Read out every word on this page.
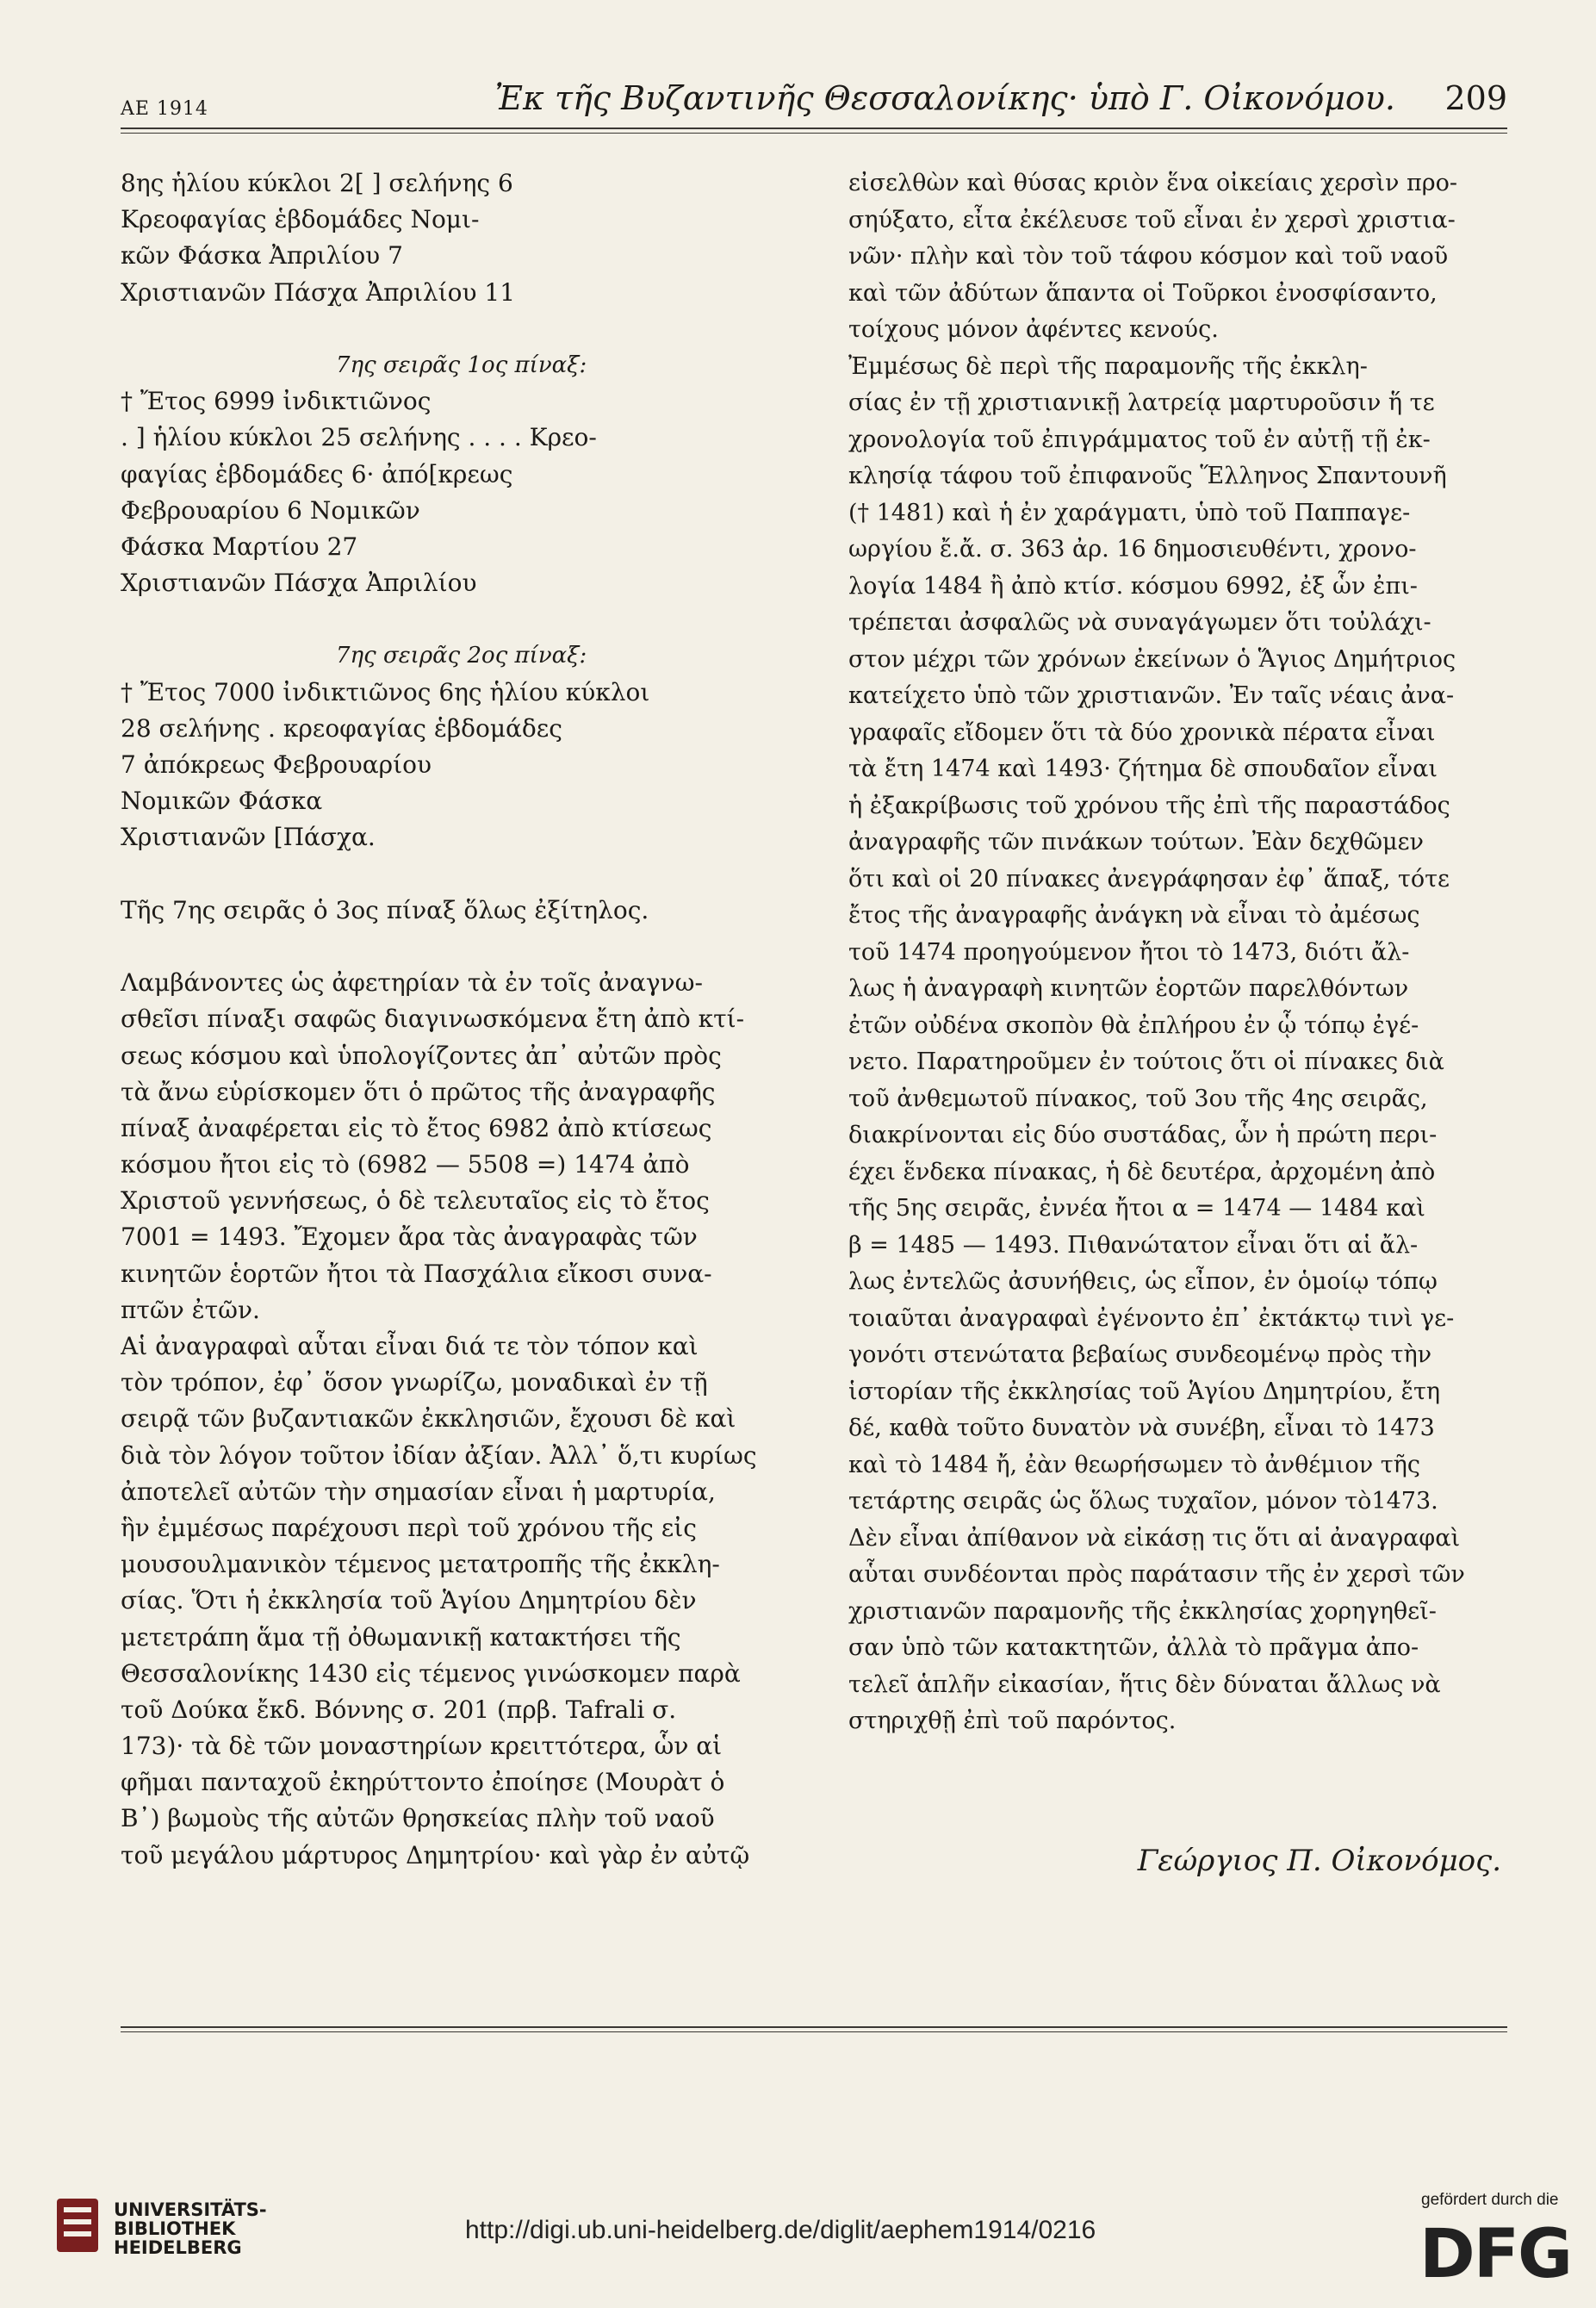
ΑΕ 1914	Ἐκ τῆς Βυζαντινῆς Θεσσαλονίκης· ὑπὸ Γ. Οἰκονόμου. 209
8ης ἡλίου κύκλοι 2[ ] σελήνης 6
Κρεοφαγίας ἑβδομάδες Νομι-
κῶν Φάσκα Ἀπριλίου 7
Χριστιανῶν Πάσχα Ἀπριλίου 11
7ης σειρᾶς 1ος πίναξ:
† Ἔτος 6999 ἰνδικτιῶνος
. ] ἡλίου κύκλοι 25 σελήνης . . . . Κρεο-
φαγίας ἑβδομάδες 6· ἀπό[κρεως
Φεβρουαρίου 6 Νομικῶν
Φάσκα Μαρτίου 27
Χριστιανῶν Πάσχα Ἀπριλίου
7ης σειρᾶς 2ος πίναξ:
† Ἔτος 7000 ἰνδικτιῶνος 6ης ἡλίου κύκλοι
28 σελήνης . κρεοφαγίας ἑβδομάδες
7 ἀπόκρεως Φεβρουαρίου
Νομικῶν Φάσκα
Χριστιανῶν [Πάσχα.
Τῆς 7ης σειρᾶς ὁ 3ος πίναξ ὅλως ἐξίτηλος.
Λαμβάνοντες ὡς ἀφετηρίαν τὰ ἐν τοῖς ἀναγνω-
σθεῖσι πίναξι σαφῶς διαγινωσκόμενα ἔτη ἀπὸ κτί-
σεως κόσμου καὶ ὑπολογίζοντες ἀπ᾽ αὐτῶν πρὸς
τὰ ἄνω εὑρίσκομεν ὅτι ὁ πρῶτος τῆς ἀναγραφῆς
πίναξ ἀναφέρεται εἰς τὸ ἔτος 6982 ἀπὸ κτίσεως
κόσμου ἤτοι εἰς τὸ (6982 — 5508 =) 1474 ἀπὸ
Χριστοῦ γεννήσεως, ὁ δὲ τελευταῖος εἰς τὸ ἔτος
7001 = 1493. Ἔχομεν ἄρα τὰς ἀναγραφὰς τῶν
κινητῶν ἑορτῶν ἤτοι τὰ Πασχάλια εἴκοσι συνα-
πτῶν ἐτῶν.
Αἱ ἀναγραφαὶ αὗται εἶναι διά τε τὸν τόπον καὶ
τὸν τρόπον, ἐφ᾽ ὅσον γνωρίζω, μοναδικαὶ ἐν τῇ
σειρᾷ τῶν βυζαντιακῶν ἐκκλησιῶν, ἔχουσι δὲ καὶ
διὰ τὸν λόγον τοῦτον ἰδίαν ἀξίαν. Ἀλλ᾽ ὅ,τι κυρίως
ἀποτελεῖ αὐτῶν τὴν σημασίαν εἶναι ἡ μαρτυρία,
ἣν ἐμμέσως παρέχουσι περὶ τοῦ χρόνου τῆς εἰς
μουσουλμανικὸν τέμενος μετατροπῆς τῆς ἐκκλη-
σίας. Ὅτι ἡ ἐκκλησία τοῦ Ἁγίου Δημητρίου δὲν
μετετράπη ἅμα τῇ ὀθωμανικῇ κατακτήσει τῆς
Θεσσαλονίκης 1430 εἰς τέμενος γινώσκομεν παρὰ
τοῦ Δούκα ἔκδ. Βόννης σ. 201 (πρβ. Tafrali σ.
173)· τὰ δὲ τῶν μοναστηρίων κρειττότερα, ὧν αἱ
φῆμαι πανταχοῦ ἐκηρύττοντο ἐποίησε (Μουρὰτ ὁ
Β᾽) βωμοὺς τῆς αὐτῶν θρησκείας πλὴν τοῦ ναοῦ
τοῦ μεγάλου μάρτυρος Δημητρίου· καὶ γὰρ ἐν αὐτῷ
εἰσελθὼν καὶ θύσας κριὸν ἕνα οἰκείαις χερσὶν προ-
σηύξατο, εἶτα ἐκέλευσε τοῦ εἶναι ἐν χερσὶ χριστια-
νῶν· πλὴν καὶ τὸν τοῦ τάφου κόσμον καὶ τοῦ ναοῦ
καὶ τῶν ἀδύτων ἅπαντα οἱ Τοῦρκοι ἐνοσφίσαντο,
τοίχους μόνον ἀφέντες κενούς.
Ἐμμέσως δὲ περὶ τῆς παραμονῆς τῆς ἐκκλη-
σίας ἐν τῇ χριστιανικῇ λατρείᾳ μαρτυροῦσιν ἥ τε
χρονολογία τοῦ ἐπιγράμματος τοῦ ἐν αὐτῇ τῇ ἐκ-
κλησίᾳ τάφου τοῦ ἐπιφανοῦς Ἕλληνος Σπαντουνῆ
(† 1481) καὶ ἡ ἐν χαράγματι, ὑπὸ τοῦ Παππαγε-
ωργίου ἔ.ἄ. σ. 363 ἀρ. 16 δημοσιευθέντι, χρονο-
λογία 1484 ἢ ἀπὸ κτίσ. κόσμου 6992, ἐξ ὧν ἐπι-
τρέπεται ἀσφαλῶς νὰ συναγάγωμεν ὅτι τοὐλάχι-
στον μέχρι τῶν χρόνων ἐκείνων ὁ Ἅγιος Δημήτριος
κατείχετο ὑπὸ τῶν χριστιανῶν. Ἐν ταῖς νέαις ἀνα-
γραφαῖς εἴδομεν ὅτι τὰ δύο χρονικὰ πέρατα εἶναι
τὰ ἔτη 1474 καὶ 1493· ζήτημα δὲ σπουδαῖον εἶναι
ἡ ἐξακρίβωσις τοῦ χρόνου τῆς ἐπὶ τῆς παραστάδος
ἀναγραφῆς τῶν πινάκων τούτων. Ἐὰν δεχθῶμεν
ὅτι καὶ οἱ 20 πίνακες ἀνεγράφησαν ἐφ᾽ ἅπαξ, τότε
ἔτος τῆς ἀναγραφῆς ἀνάγκη νὰ εἶναι τὸ ἀμέσως
τοῦ 1474 προηγούμενον ἤτοι τὸ 1473, διότι ἄλ-
λως ἡ ἀναγραφὴ κινητῶν ἑορτῶν παρελθόντων
ἐτῶν οὐδένα σκοπὸν θὰ ἐπλήρου ἐν ᾧ τόπῳ ἐγέ-
νετο. Παρατηροῦμεν ἐν τούτοις ὅτι οἱ πίνακες διὰ
τοῦ ἀνθεμωτοῦ πίνακος, τοῦ 3ου τῆς 4ης σειρᾶς,
διακρίνονται εἰς δύο συστάδας, ὧν ἡ πρώτη περι-
έχει ἕνδεκα πίνακας, ἡ δὲ δευτέρα, ἀρχομένη ἀπὸ
τῆς 5ης σειρᾶς, ἐννέα ἤτοι α = 1474 — 1484 καὶ
β = 1485 — 1493. Πιθανώτατον εἶναι ὅτι αἱ ἄλ-
λως ἐντελῶς ἀσυνήθεις, ὡς εἶπον, ἐν ὁμοίῳ τόπῳ
τοιαῦται ἀναγραφαὶ ἐγένοντο ἐπ᾽ ἐκτάκτῳ τινὶ γε-
γονότι στενώτατα βεβαίως συνδεομένῳ πρὸς τὴν
ἱστορίαν τῆς ἐκκλησίας τοῦ Ἁγίου Δημητρίου, ἔτη
δέ, καθὰ τοῦτο δυνατὸν νὰ συνέβη, εἶναι τὸ 1473
καὶ τὸ 1484 ἤ, ἐὰν θεωρήσωμεν τὸ ἀνθέμιον τῆς
τετάρτης σειρᾶς ὡς ὅλως τυχαῖον, μόνον τὸ1473.
Δὲν εἶναι ἀπίθανον νὰ εἰκάσῃ τις ὅτι αἱ ἀναγραφαὶ
αὗται συνδέονται πρὸς παράτασιν τῆς ἐν χερσὶ τῶν
χριστιανῶν παραμονῆς τῆς ἐκκλησίας χορηγηθεῖ-
σαν ὑπὸ τῶν κατακτητῶν, ἀλλὰ τὸ πρᾶγμα ἀπο-
τελεῖ ἁπλῆν εἰκασίαν, ἥτις δὲν δύναται ἄλλως νὰ
στηριχθῇ ἐπὶ τοῦ παρόντος.
Γεώργιος Π. Οἰκονόμος.
UNIVERSITÄTS-
BIBLIOTHEK
HEIDELBERG
http://digi.ub.uni-heidelberg.de/diglit/aephem1914/0216
gefördert durch die
DFG
